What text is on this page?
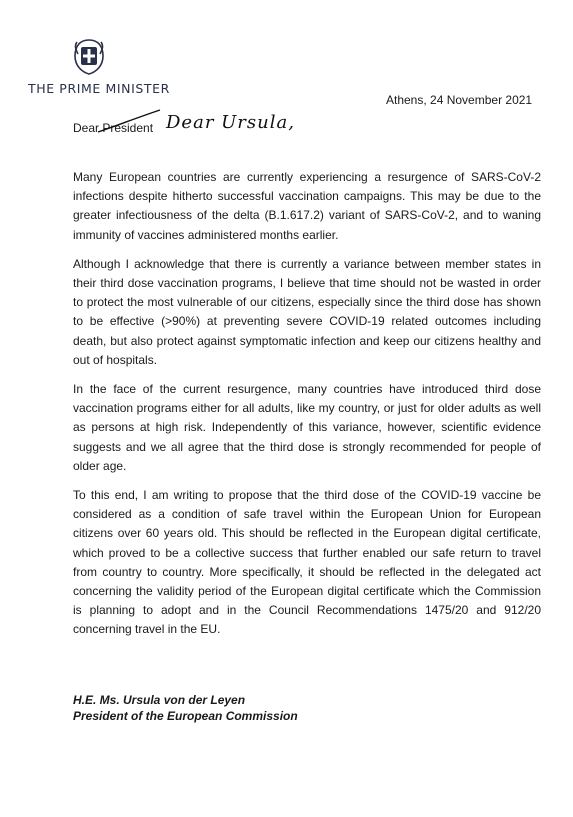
THE PRIME MINISTER
Athens, 24 November 2021
Dear President Dear Ursula,

Many European countries are currently experiencing a resurgence of SARS-CoV-2 infections despite hitherto successful vaccination campaigns. This may be due to the greater infectiousness of the delta (B.1.617.2) variant of SARS-CoV-2, and to waning immunity of vaccines administered months earlier.

Although I acknowledge that there is currently a variance between member states in their third dose vaccination programs, I believe that time should not be wasted in order to protect the most vulnerable of our citizens, especially since the third dose has shown to be effective (>90%) at preventing severe COVID-19 related outcomes including death, but also protect against symptomatic infection and keep our citizens healthy and out of hospitals.

In the face of the current resurgence, many countries have introduced third dose vaccination programs either for all adults, like my country, or just for older adults as well as persons at high risk. Independently of this variance, however, scientific evidence suggests and we all agree that the third dose is strongly recommended for people of older age.

To this end, I am writing to propose that the third dose of the COVID-19 vaccine be considered as a condition of safe travel within the European Union for European citizens over 60 years old. This should be reflected in the European digital certificate, which proved to be a collective success that further enabled our safe return to travel from country to country. More specifically, it should be reflected in the delegated act concerning the validity period of the European digital certificate which the Commission is planning to adopt and in the Council Recommendations 1475/20 and 912/20 concerning travel in the EU.

H.E. Ms. Ursula von der Leyen
President of the European Commission
